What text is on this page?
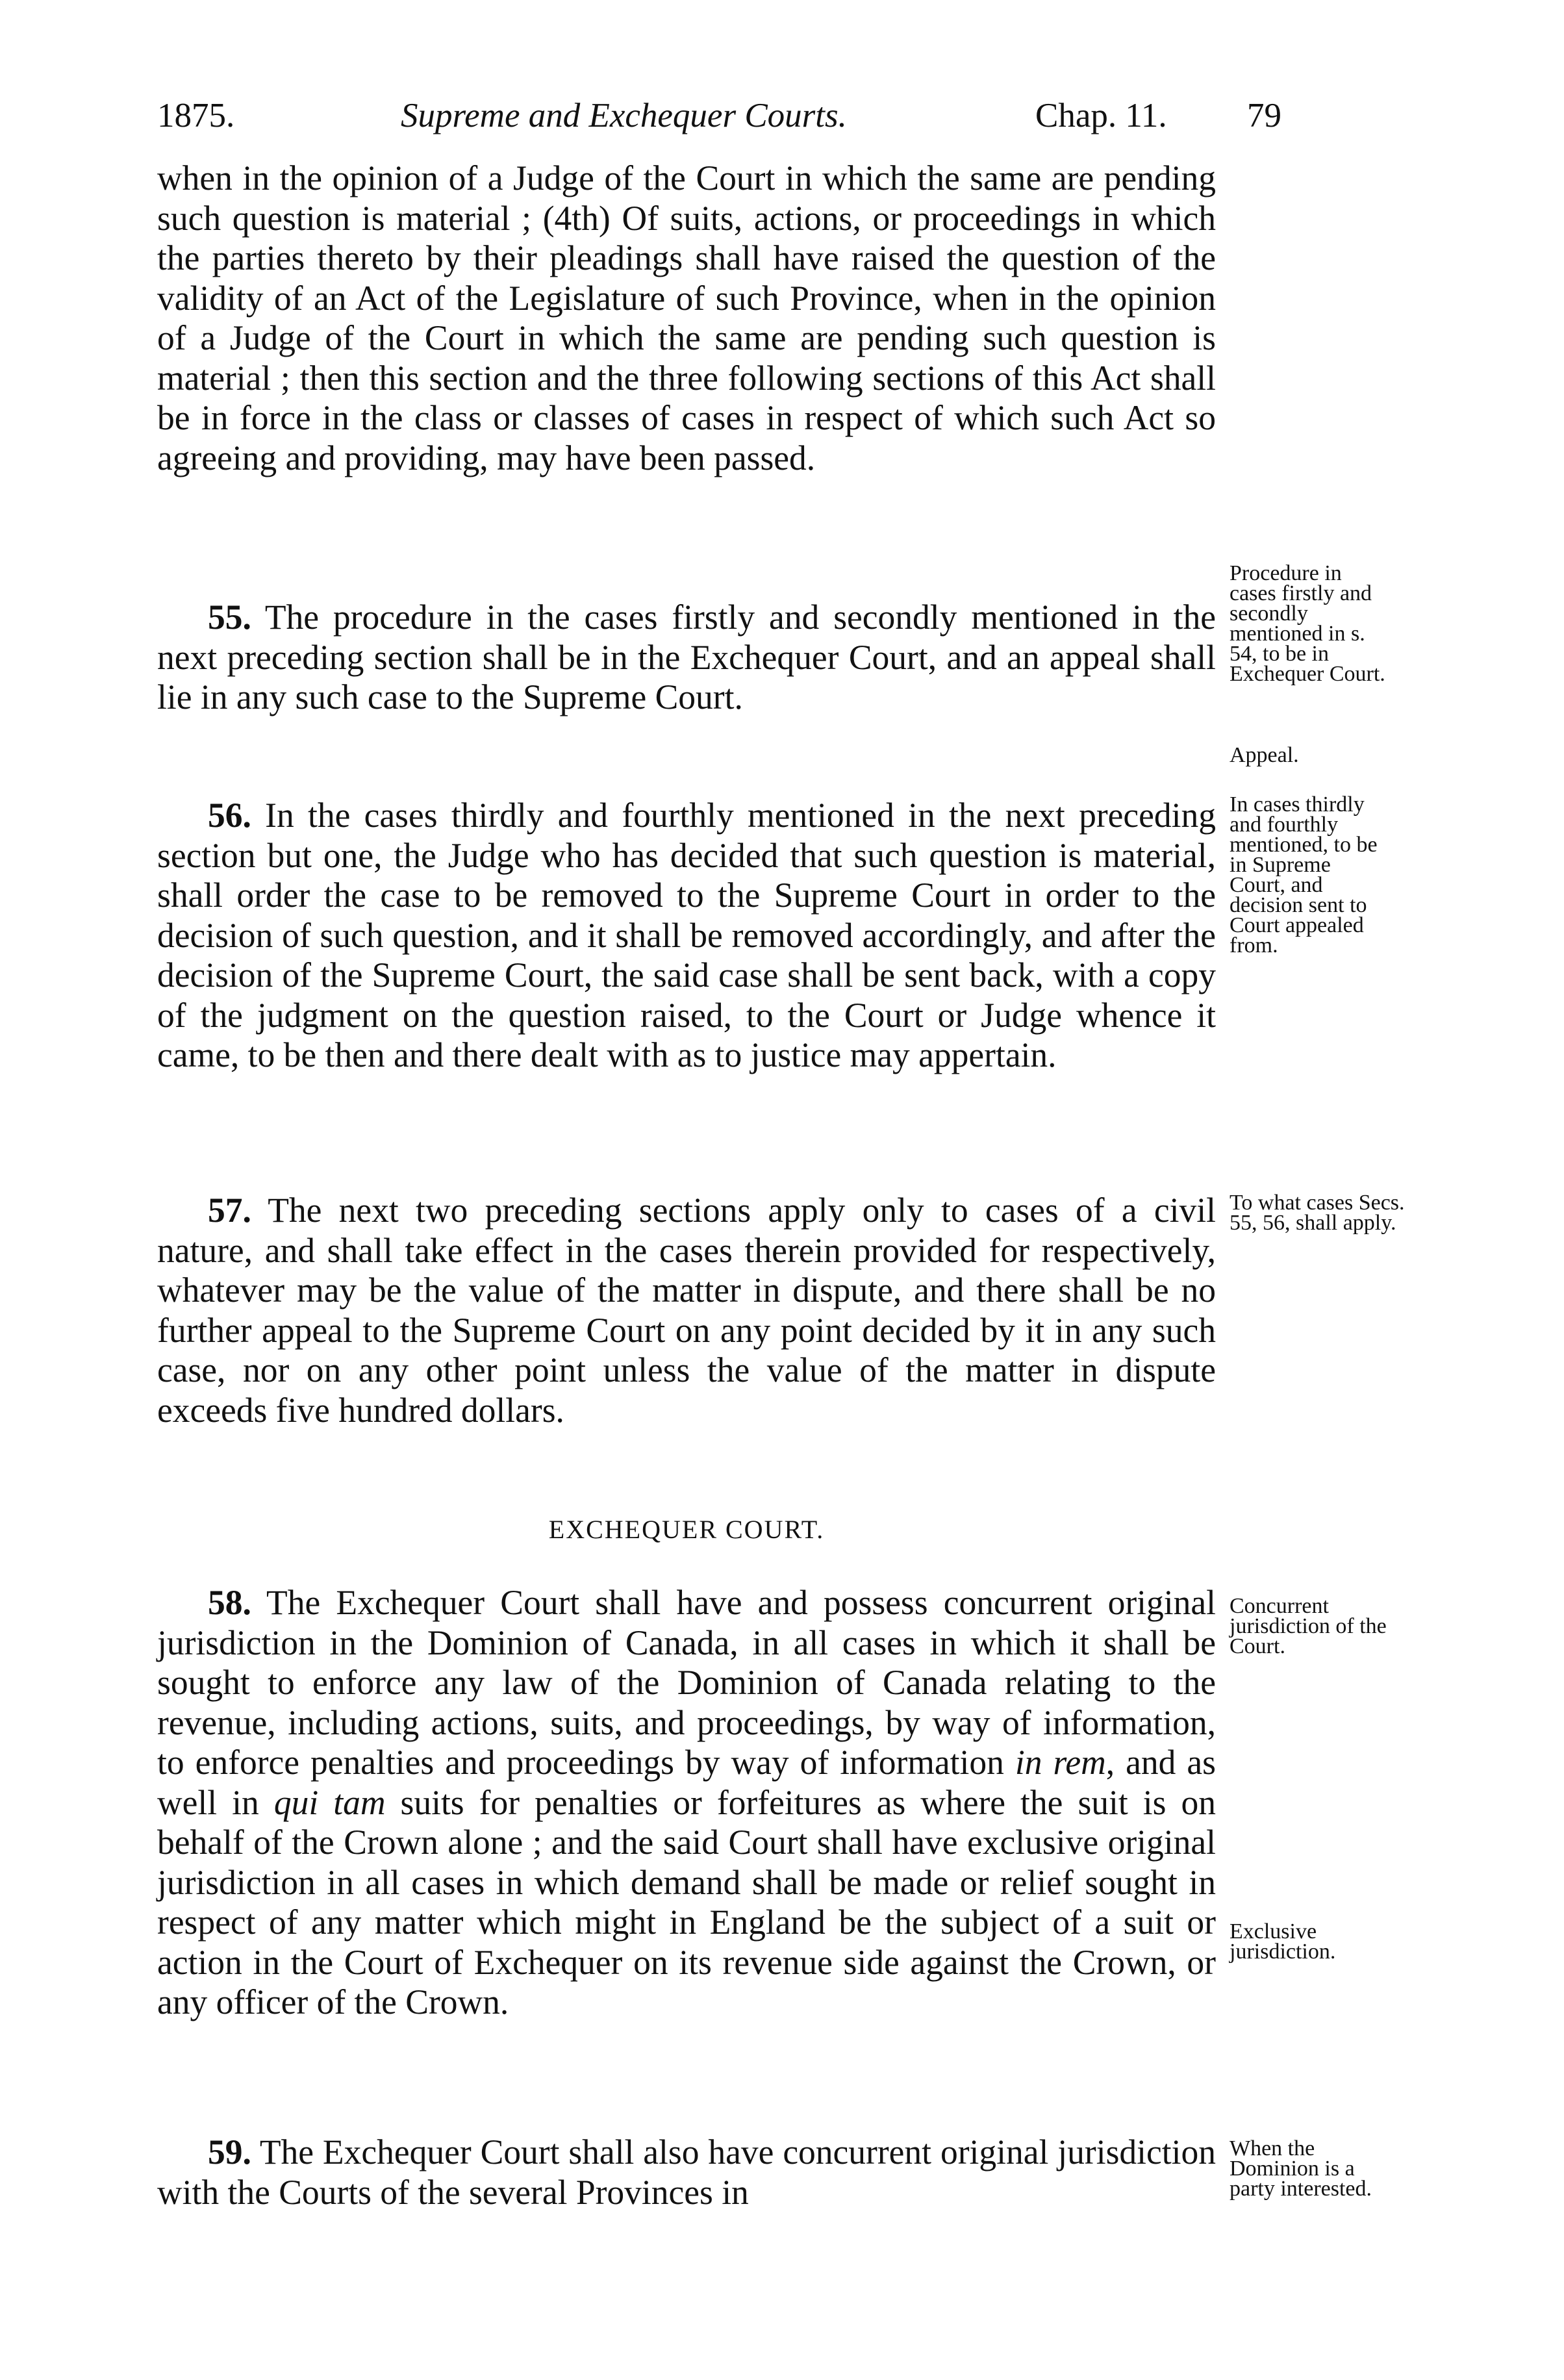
1875.	Supreme and Exchequer Courts.	Chap. 11. 79

when in the opinion of a Judge of the Court in which the same are pending such question is material ; (4th) Of suits, actions, or proceedings in which the parties thereto by their pleadings shall have raised the question of the validity of an Act of the Legislature of such Province, when in the opinion of a Judge of the Court in which the same are pending such question is material ; then this section and the three following sections of this Act shall be in force in the class or classes of cases in respect of which such Act so agreeing and providing, may have been passed.

55. The procedure in the cases firstly and secondly mentioned in the next preceding section shall be in the Exchequer Court, and an appeal shall lie in any such case to the Supreme Court.

56. In the cases thirdly and fourthly mentioned in the next preceding section but one, the Judge who has decided that such question is material, shall order the case to be removed to the Supreme Court in order to the decision of such question, and it shall be removed accordingly, and after the decision of the Supreme Court, the said case shall be sent back, with a copy of the judgment on the question raised, to the Court or Judge whence it came, to be then and there dealt with as to justice may appertain.

57. The next two preceding sections apply only to cases of a civil nature, and shall take effect in the cases therein provided for respectively, whatever may be the value of the matter in dispute, and there shall be no further appeal to the Supreme Court on any point decided by it in any such case, nor on any other point unless the value of the matter in dispute exceeds five hundred dollars.

EXCHEQUER COURT.

58. The Exchequer Court shall have and possess concurrent original jurisdiction in the Dominion of Canada, in all cases in which it shall be sought to enforce any law of the Dominion of Canada relating to the revenue, including actions, suits, and proceedings, by way of information, to enforce penalties and proceedings by way of information in rem, and as well in qui tam suits for penalties or forfeitures as where the suit is on behalf of the Crown alone ; and the said Court shall have exclusive original jurisdiction in all cases in which demand shall be made or relief sought in respect of any matter which might in England be the subject of a suit or action in the Court of Exchequer on its revenue side against the Crown, or any officer of the Crown.

59. The Exchequer Court shall also have concurrent original jurisdiction with the Courts of the several Provinces in

Procedure in cases firstly and secondly mentioned in s. 54, to be in Exchequer Court.
Appeal.
In cases thirdly and fourthly mentioned, to be in Supreme Court, and decision sent to Court appealed from.
To what cases Secs. 55, 56, shall apply.
Concurrent jurisdiction of the Court.
Exclusive jurisdiction.
When the Dominion is a party interested.
